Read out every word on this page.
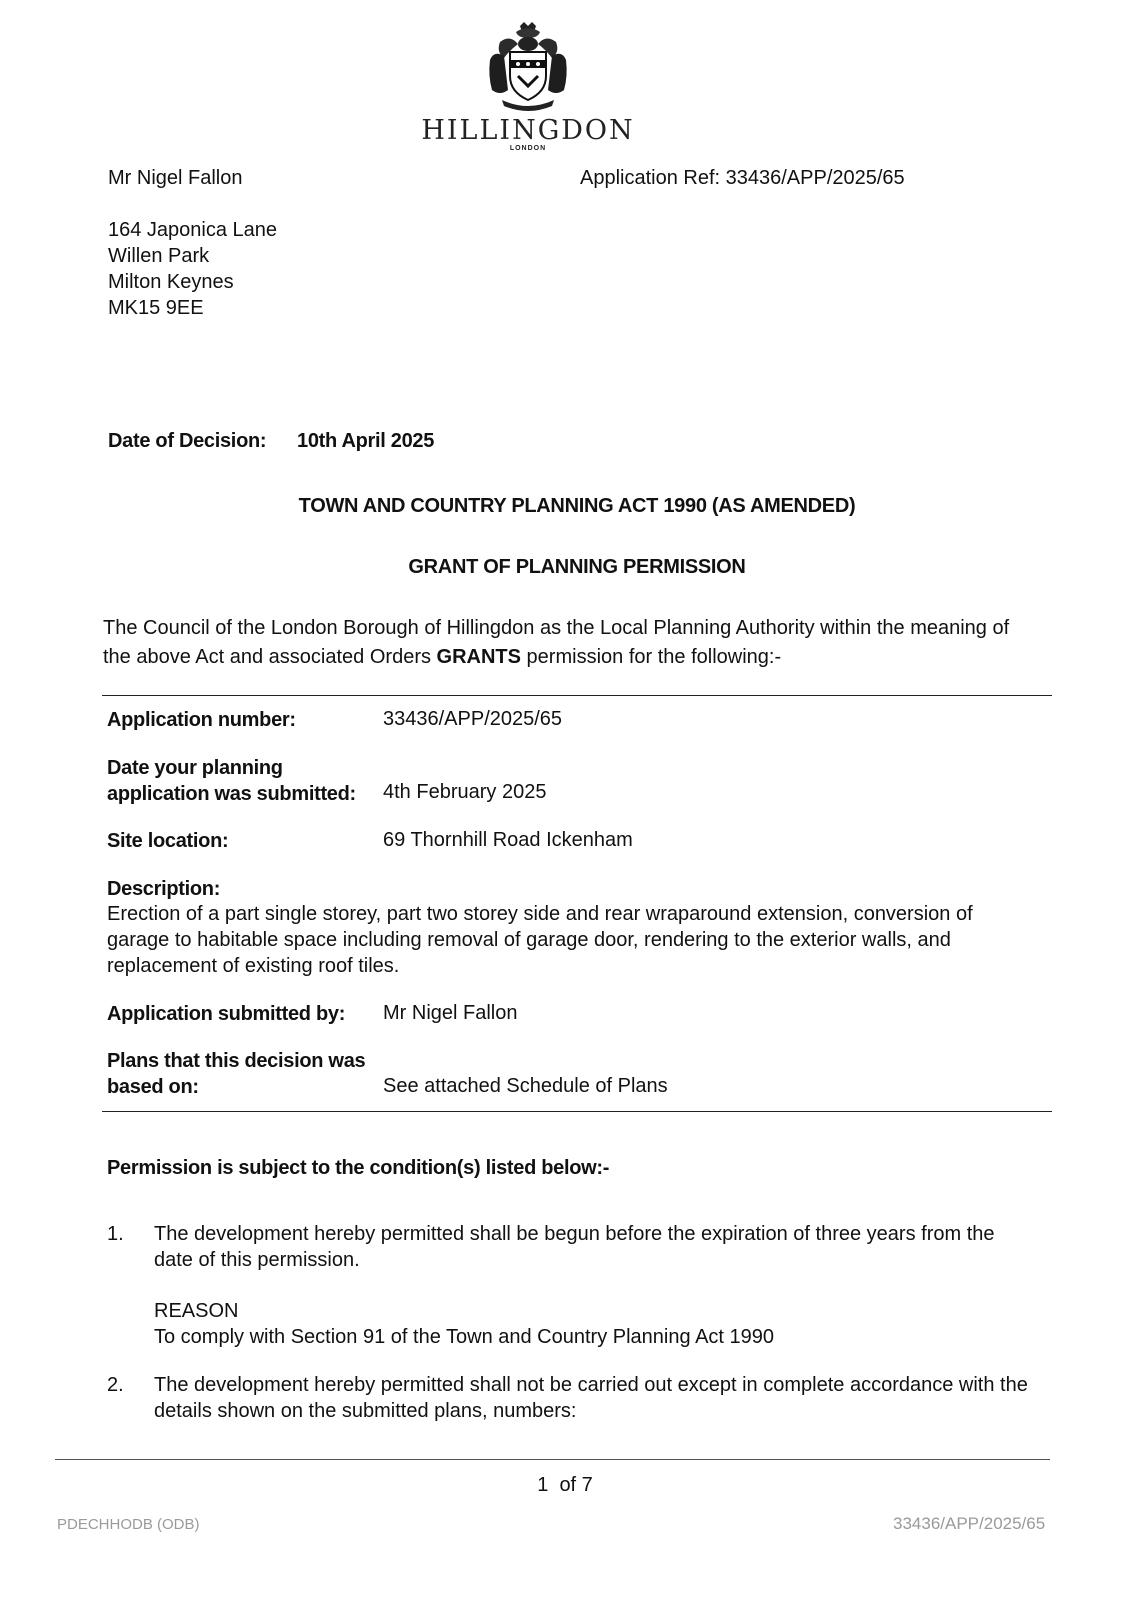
HILLINGDON
LONDON
Mr Nigel Fallon	Application Ref: 33436/APP/2025/65
164 Japonica Lane
Willen Park
Milton Keynes
MK15 9EE
Date of Decision: 10th April 2025
TOWN AND COUNTRY PLANNING ACT 1990 (AS AMENDED)
GRANT OF PLANNING PERMISSION
The Council of the London Borough of Hillingdon as the Local Planning Authority within the meaning of
the above Act and associated Orders GRANTS permission for the following:-
Application number:	33436/APP/2025/65
Date your planning
application was submitted: 4th February 2025
Site location:	69 Thornhill Road Ickenham
Description:
Erection of a part single storey, part two storey side and rear wraparound extension, conversion of
garage to habitable space including removal of garage door, rendering to the exterior walls, and
replacement of existing roof tiles.
Application submitted by: Mr Nigel Fallon
Plans that this decision was
based on:	See attached Schedule of Plans
Permission is subject to the condition(s) listed below:-
1. The development hereby permitted shall be begun before the expiration of three years from the
date of this permission.
REASON
To comply with Section 91 of the Town and Country Planning Act 1990
2. The development hereby permitted shall not be carried out except in complete accordance with the
details shown on the submitted plans, numbers:
1 of 7
PDECHHODB (ODB)	33436/APP/2025/65
